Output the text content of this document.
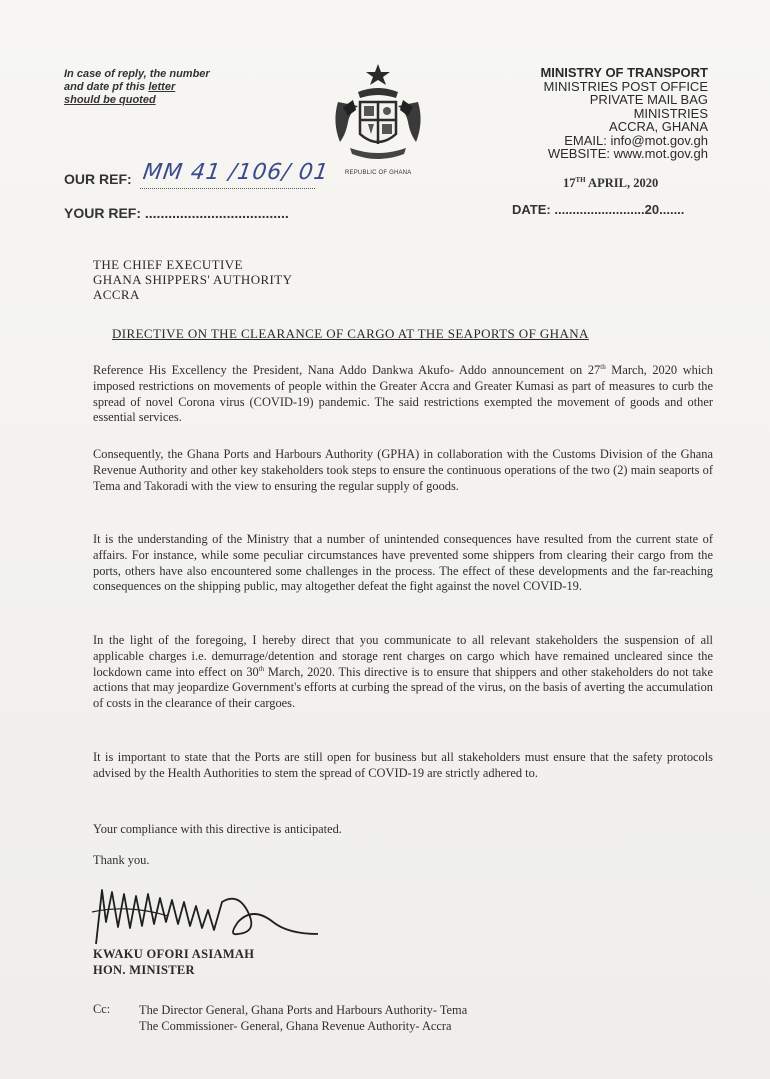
In case of reply, the number
and date pf this letter
should be quoted
REPUBLIC OF GHANA
MINISTRY OF TRANSPORT
MINISTRIES POST OFFICE
PRIVATE MAIL BAG
MINISTRIES
ACCRA, GHANA
EMAIL: info@mot.gov.gh
WEBSITE: www.mot.gov.gh
OUR REF: MM 41 /106/ 01
YOUR REF: .....................................
17TH APRIL, 2020
DATE: .........................20.......
THE CHIEF EXECUTIVE
GHANA SHIPPERS' AUTHORITY
ACCRA
DIRECTIVE ON THE CLEARANCE OF CARGO AT THE SEAPORTS OF GHANA
Reference His Excellency the President, Nana Addo Dankwa Akufo- Addo announcement on 27th March, 2020 which imposed restrictions on movements of people within the Greater Accra and Greater Kumasi as part of measures to curb the spread of novel Corona virus (COVID-19) pandemic. The said restrictions exempted the movement of goods and other essential services.
Consequently, the Ghana Ports and Harbours Authority (GPHA) in collaboration with the Customs Division of the Ghana Revenue Authority and other key stakeholders took steps to ensure the continuous operations of the two (2) main seaports of Tema and Takoradi with the view to ensuring the regular supply of goods.
It is the understanding of the Ministry that a number of unintended consequences have resulted from the current state of affairs. For instance, while some peculiar circumstances have prevented some shippers from clearing their cargo from the ports, others have also encountered some challenges in the process. The effect of these developments and the far-reaching consequences on the shipping public, may altogether defeat the fight against the novel COVID-19.
In the light of the foregoing, I hereby direct that you communicate to all relevant stakeholders the suspension of all applicable charges i.e. demurrage/detention and storage rent charges on cargo which have remained uncleared since the lockdown came into effect on 30th March, 2020. This directive is to ensure that shippers and other stakeholders do not take actions that may jeopardize Government's efforts at curbing the spread of the virus, on the basis of averting the accumulation of costs in the clearance of their cargoes.
It is important to state that the Ports are still open for business but all stakeholders must ensure that the safety protocols advised by the Health Authorities to stem the spread of COVID-19 are strictly adhered to.
Your compliance with this directive is anticipated.
Thank you.
KWAKU OFORI ASIAMAH
HON. MINISTER
Cc: The Director General, Ghana Ports and Harbours Authority- Tema
The Commissioner- General, Ghana Revenue Authority- Accra
